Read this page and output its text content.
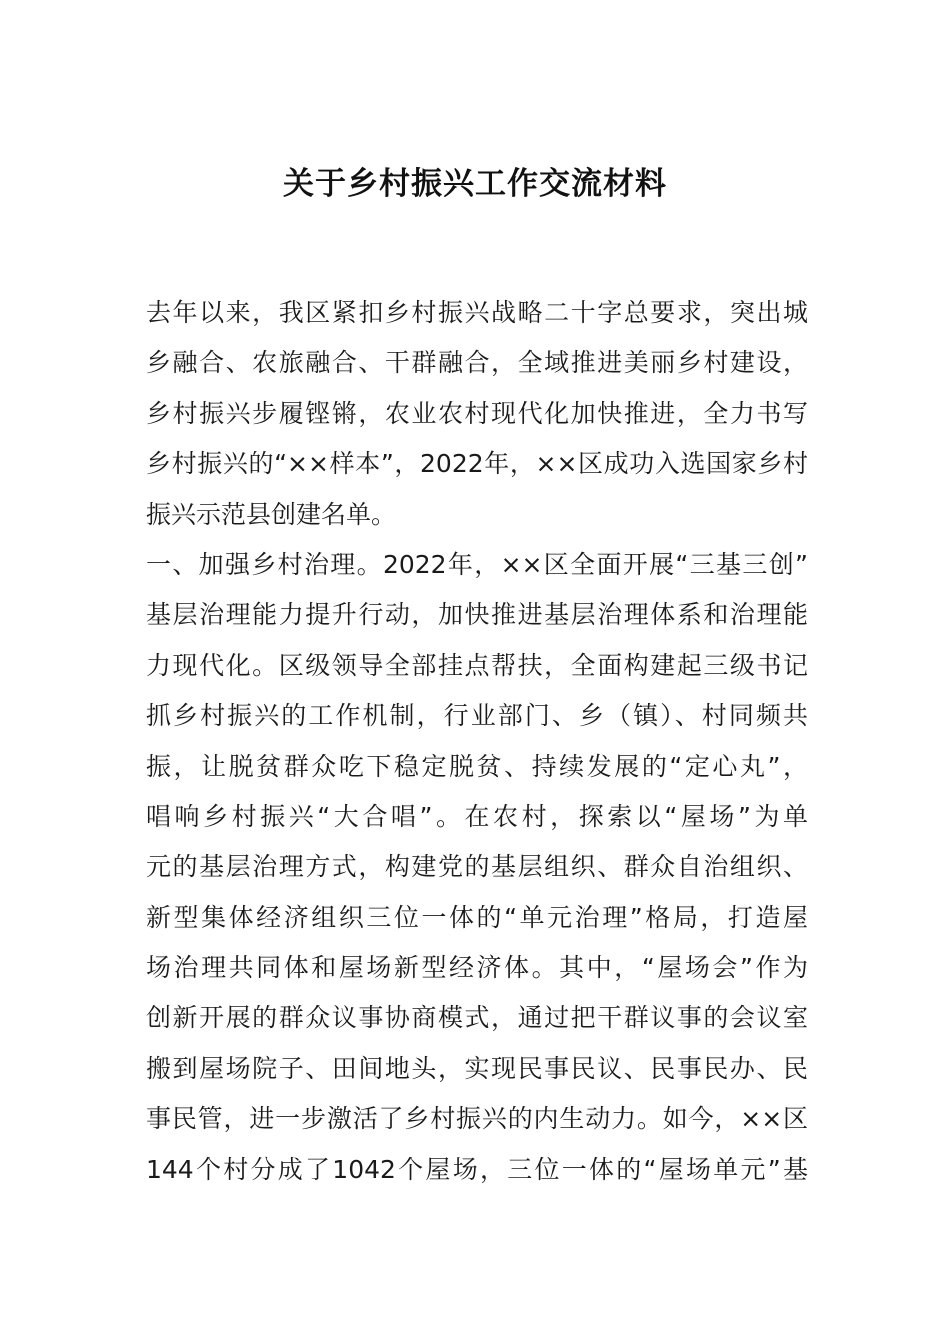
关于乡村振兴工作交流材料
去年以来，我区紧扣乡村振兴战略二十字总要求，突出城
乡融合、农旅融合、干群融合，全域推进美丽乡村建设，
乡村振兴步履铿锵，农业农村现代化加快推进，全力书写
乡村振兴的“××样本”，2022年，××区成功入选国家乡村
振兴示范县创建名单。
一、加强乡村治理。2022年，××区全面开展“三基三创”
基层治理能力提升行动，加快推进基层治理体系和治理能
力现代化。区级领导全部挂点帮扶，全面构建起三级书记
抓乡村振兴的工作机制，行业部门、乡（镇）、村同频共
振，让脱贫群众吃下稳定脱贫、持续发展的“定心丸”，
唱响乡村振兴“大合唱”。在农村，探索以“屋场”为单
元的基层治理方式，构建党的基层组织、群众自治组织、
新型集体经济组织三位一体的“单元治理”格局，打造屋
场治理共同体和屋场新型经济体。其中，“屋场会”作为
创新开展的群众议事协商模式，通过把干群议事的会议室
搬到屋场院子、田间地头，实现民事民议、民事民办、民
事民管，进一步激活了乡村振兴的内生动力。如今，××区
144个村分成了1042个屋场，三位一体的“屋场单元”基
